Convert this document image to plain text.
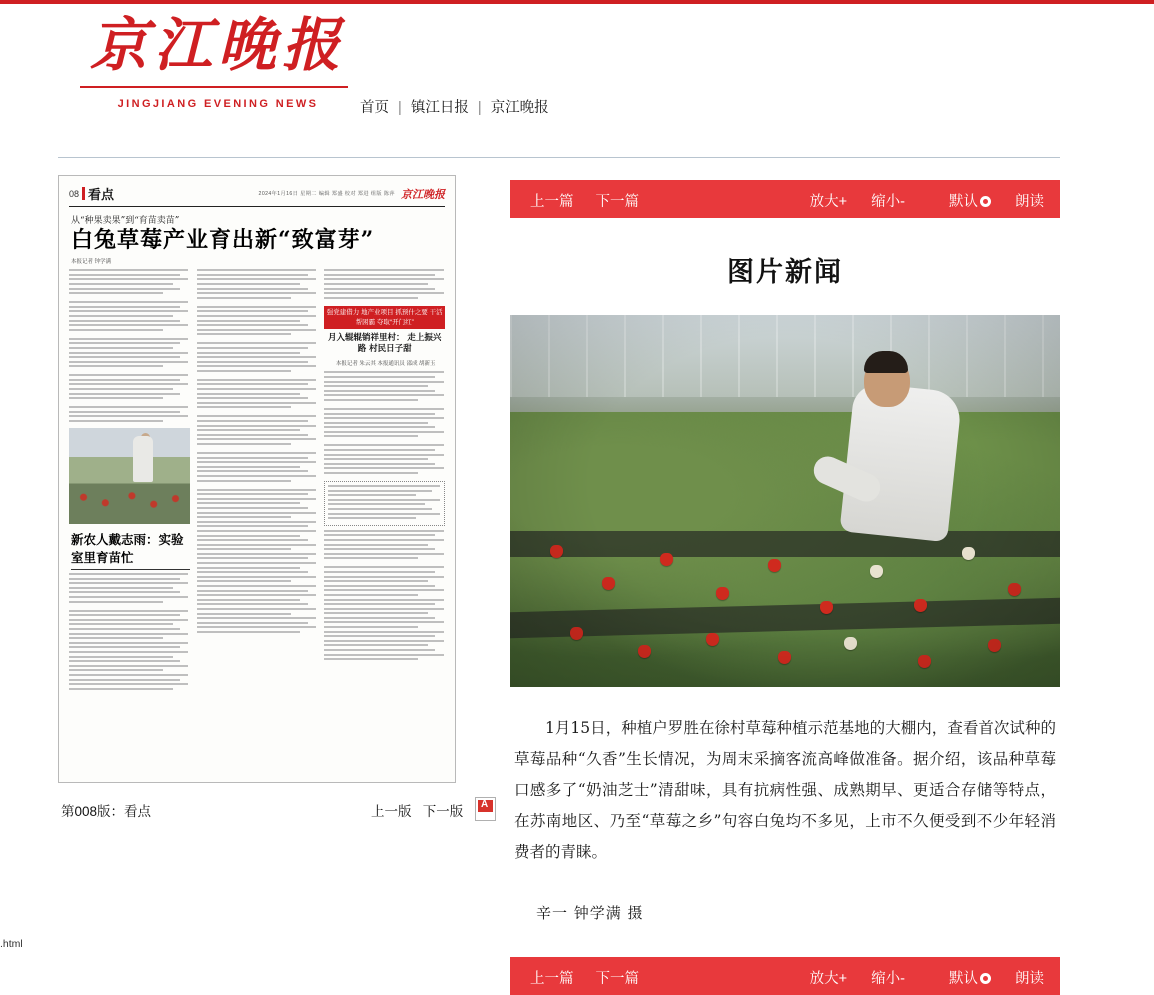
京江晚报
JINGJIANG EVENING NEWS	首页 | 镇江日报 | 京江晚报
08 看点	2024年1月16日 星期二 编辑 郑盛 校对 郑进 组版 陈萍 京江晚报
从“种果卖果”到“育苗卖苗”
白兔草莓产业育出新“致富芽”
本报记者 钟学满
新农人戴志雨：实验室里育苗忙
强党建借力 地产业项目 抓预什之要 干活帮困霸 夺取“开门红”
月入辊辊销祥里村： 走上振兴路 村民日子甜
本报记者 朱云其 本报通讯员 邵成 胡新玉
第008版：看点	上一版 下一版
A
上一篇 下一篇	放大+ 缩小-	默认	朗读
图片新闻

1月15日，种植户罗胜在徐村草莓种植示范基地的大棚内，查看首次试种的草莓品种“久香”生长情况，为周末采摘客流高峰做准备。据介绍，该品种草莓口感多了“奶油芝士”清甜味，具有抗病性强、成熟期早、更适合存储等特点，在苏南地区、乃至“草莓之乡”句容白兔均不多见，上市不久便受到不少年轻消费者的青睐。

辛一 钟学满 摄
上一篇 下一篇	放大+ 缩小-	默认	朗读
.html
